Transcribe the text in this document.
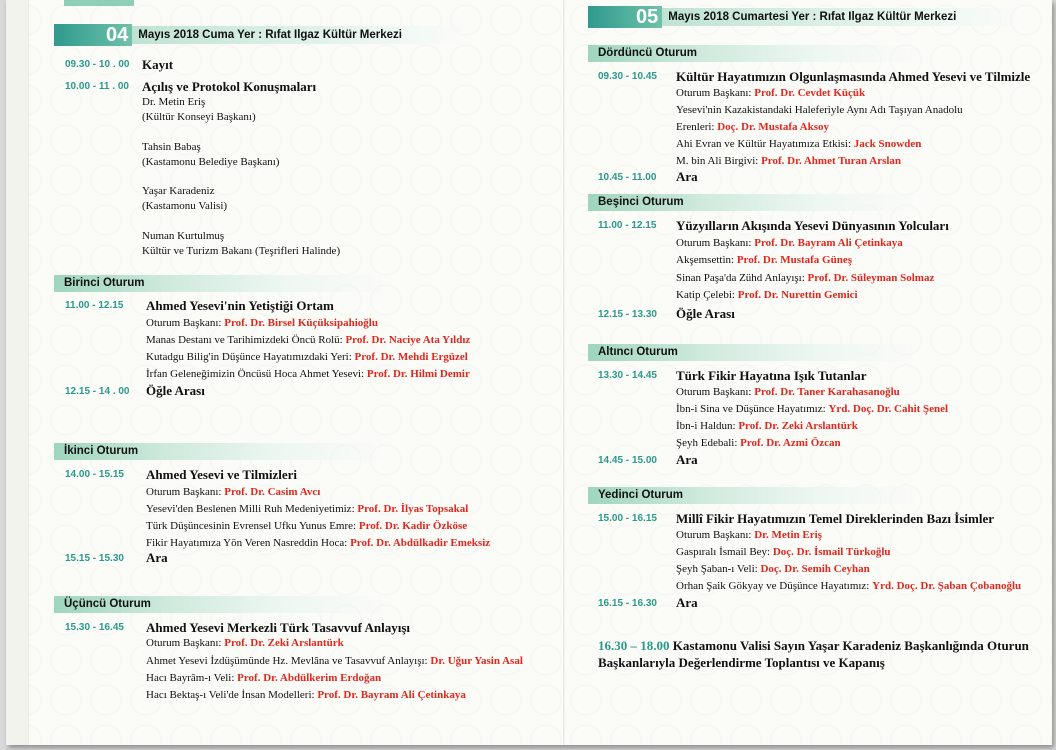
04 Mayıs 2018 Cuma Yer : Rıfat Ilgaz Kültür Merkezi
09.30 - 10 . 00 Kayıt
10.00 - 11 . 00 Açılış ve Protokol Konuşmaları
Dr. Metin Eriş
(Kültür Konseyi Başkanı)
Tahsin Babaş
(Kastamonu Belediye Başkanı)
Yaşar Karadeniz
(Kastamonu Valisi)
Numan Kurtulmuş
Kültür ve Turizm Bakanı (Teşrifleri Halinde)
Birinci Oturum
11.00 - 12.15 Ahmed Yesevi'nin Yetiştiği Ortam
Oturum Başkanı: Prof. Dr. Birsel Küçüksipahioğlu
Manas Destanı ve Tarihimizdeki Öncü Rolü: Prof. Dr. Naciye Ata Yıldız
Kutadgu Bilig'in Düşünce Hayatımızdaki Yeri: Prof. Dr. Mehdi Ergüzel
İrfan Geleneğimizin Öncüsü Hoca Ahmet Yesevi: Prof. Dr. Hilmi Demir
12.15 - 14 . 00 Öğle Arası
İkinci Oturum
14.00 - 15.15 Ahmed Yesevi ve Tilmizleri
Oturum Başkanı: Prof. Dr. Casim Avcı
Yesevi'den Beslenen Milli Ruh Medeniyetimiz: Prof. Dr. İlyas Topsakal
Türk Düşüncesinin Evrensel Ufku Yunus Emre: Prof. Dr. Kadir Özköse
Fikir Hayatımıza Yön Veren Nasreddin Hoca: Prof. Dr. Abdülkadir Emeksiz
15.15 - 15.30 Ara
Üçüncü Oturum
15.30 - 16.45 Ahmed Yesevi Merkezli Türk Tasavvuf Anlayışı
Oturum Başkanı: Prof. Dr. Zeki Arslantürk
Ahmet Yesevi İzdüşümünde Hz. Mevlâna ve Tasavvuf Anlayışı: Dr. Uğur Yasin Asal
Hacı Bayrâm-ı Veli: Prof. Dr. Abdülkerim Erdoğan
Hacı Bektaş-ı Veli'de İnsan Modelleri: Prof. Dr. Bayram Ali Çetinkaya
05 Mayıs 2018 Cumartesi Yer : Rıfat Ilgaz Kültür Merkezi
Dördüncü Oturum
09.30 - 10.45 Kültür Hayatımızın Olgunlaşmasında Ahmed Yesevi ve Tilmizle
Oturum Başkanı: Prof. Dr. Cevdet Küçük
Yesevi'nin Kazakistandaki Haleferiyle Aynı Adı Taşıyan Anadolu
Erenleri: Doç. Dr. Mustafa Aksoy
Ahi Evran ve Kültür Hayatımıza Etkisi: Jack Snowden
M. bin Ali Birgivi: Prof. Dr. Ahmet Turan Arslan
10.45 - 11.00 Ara
Beşinci Oturum
11.00 - 12.15 Yüzyılların Akışında Yesevi Dünyasının Yolcuları
Oturum Başkanı: Prof. Dr. Bayram Ali Çetinkaya
Akşemsettin: Prof. Dr. Mustafa Güneş
Sinan Paşa'da Zühd Anlayışı: Prof. Dr. Süleyman Solmaz
Katip Çelebi: Prof. Dr. Nurettin Gemici
12.15 - 13.30 Öğle Arası
Altıncı Oturum
13.30 - 14.45 Türk Fikir Hayatına Işık Tutanlar
Oturum Başkanı: Prof. Dr. Taner Karahasanoğlu
İbn-i Sina ve Düşünce Hayatımız: Yrd. Doç. Dr. Cahit Şenel
İbn-i Haldun: Prof. Dr. Zeki Arslantürk
Şeyh Edebali: Prof. Dr. Azmi Özcan
14.45 - 15.00 Ara
Yedinci Oturum
15.00 - 16.15 Millî Fikir Hayatımızın Temel Direklerinden Bazı İsimler
Oturum Başkanı: Dr. Metin Eriş
Gaspıralı İsmail Bey: Doç. Dr. İsmail Türkoğlu
Şeyh Şaban-ı Veli: Doç. Dr. Semih Ceyhan
Orhan Şaik Gökyay ve Düşünce Hayatımız: Yrd. Doç. Dr. Şaban Çobanoğlu
16.15 - 16.30 Ara
16.30 – 18.00 Kastamonu Valisi Sayın Yaşar Karadeniz Başkanlığında Oturun
Başkanlarıyla Değerlendirme Toplantısı ve Kapanış
